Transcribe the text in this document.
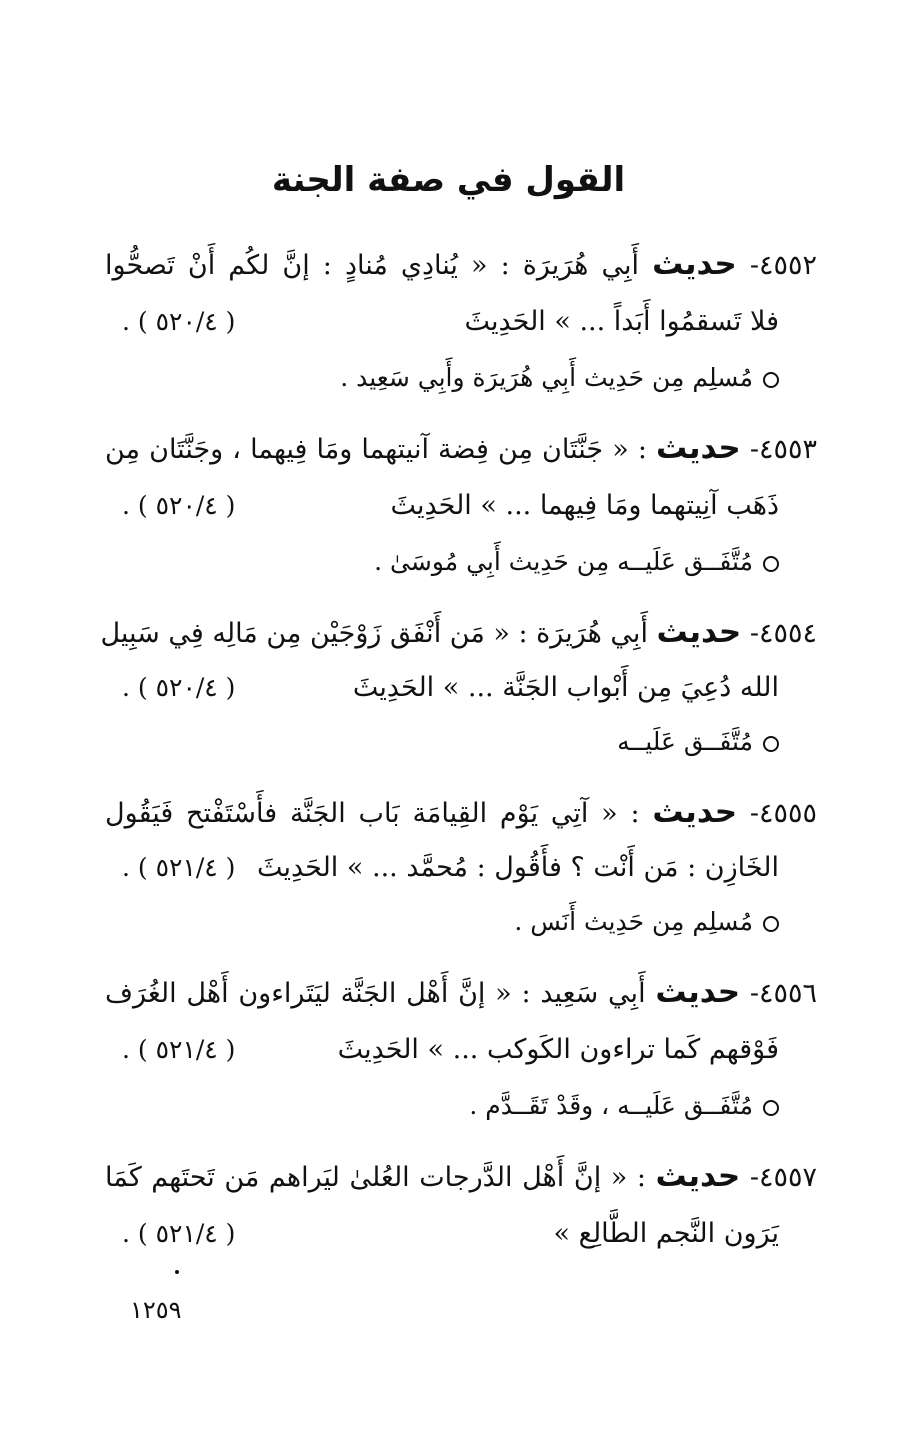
القول في صفة الجنة
٤٥٥٢- حديث أَبِي هُرَيرَة : « يُنادِي مُنادٍ : إنَّ لكُم أَنْ تَصحُّوا
فلا تَسقمُوا أَبَداً ... » الحَدِيثَ
( ٥٢٠/٤ ) .
مُسلِم مِن حَدِيث أَبِي هُرَيرَة وأَبِي سَعِيد .
٤٥٥٣- حديث : « جَنَّتَان مِن فِضة آنيتهما ومَا فِيهما ، وجَنَّتَان مِن
ذَهَب آنِيتهما ومَا فِيهما ... » الحَدِيثَ
( ٥٢٠/٤ ) .
مُتَّفَــق عَلَيــه مِن حَدِيث أَبِي مُوسَىٰ .
٤٥٥٤- حديث أَبِي هُرَيرَة : « مَن أَنْفَق زَوْجَيْن مِن مَالِه فِي سَبِيل
الله دُعِيَ مِن أَبْواب الجَنَّة ... » الحَدِيثَ
( ٥٢٠/٤ ) .
مُتَّفَــق عَلَيــه
٤٥٥٥- حديث : « آتِي يَوْم القِيامَة بَاب الجَنَّة فأَسْتَفْتح فَيَقُول
الخَازِن : مَن أَنْت ؟ فأَقُول : مُحمَّد ... » الحَدِيثَ
( ٥٢١/٤ ) .
مُسلِم مِن حَدِيث أَنَس .
٤٥٥٦- حديث أَبِي سَعِيد : « إنَّ أَهْل الجَنَّة ليَتَراءون أَهْل الغُرَف
فَوْقهم كَما تراءون الكَوكب ... » الحَدِيثَ
( ٥٢١/٤ ) .
مُتَّفَــق عَلَيــه ، وقَدْ تَقَــدَّم .
٤٥٥٧- حديث : « إنَّ أَهْل الدَّرجات العُلىٰ ليَراهم مَن تَحتَهم كَمَا
يَرَون النَّجم الطَّالِع »
( ٥٢١/٤ ) .
١٢٥٩
